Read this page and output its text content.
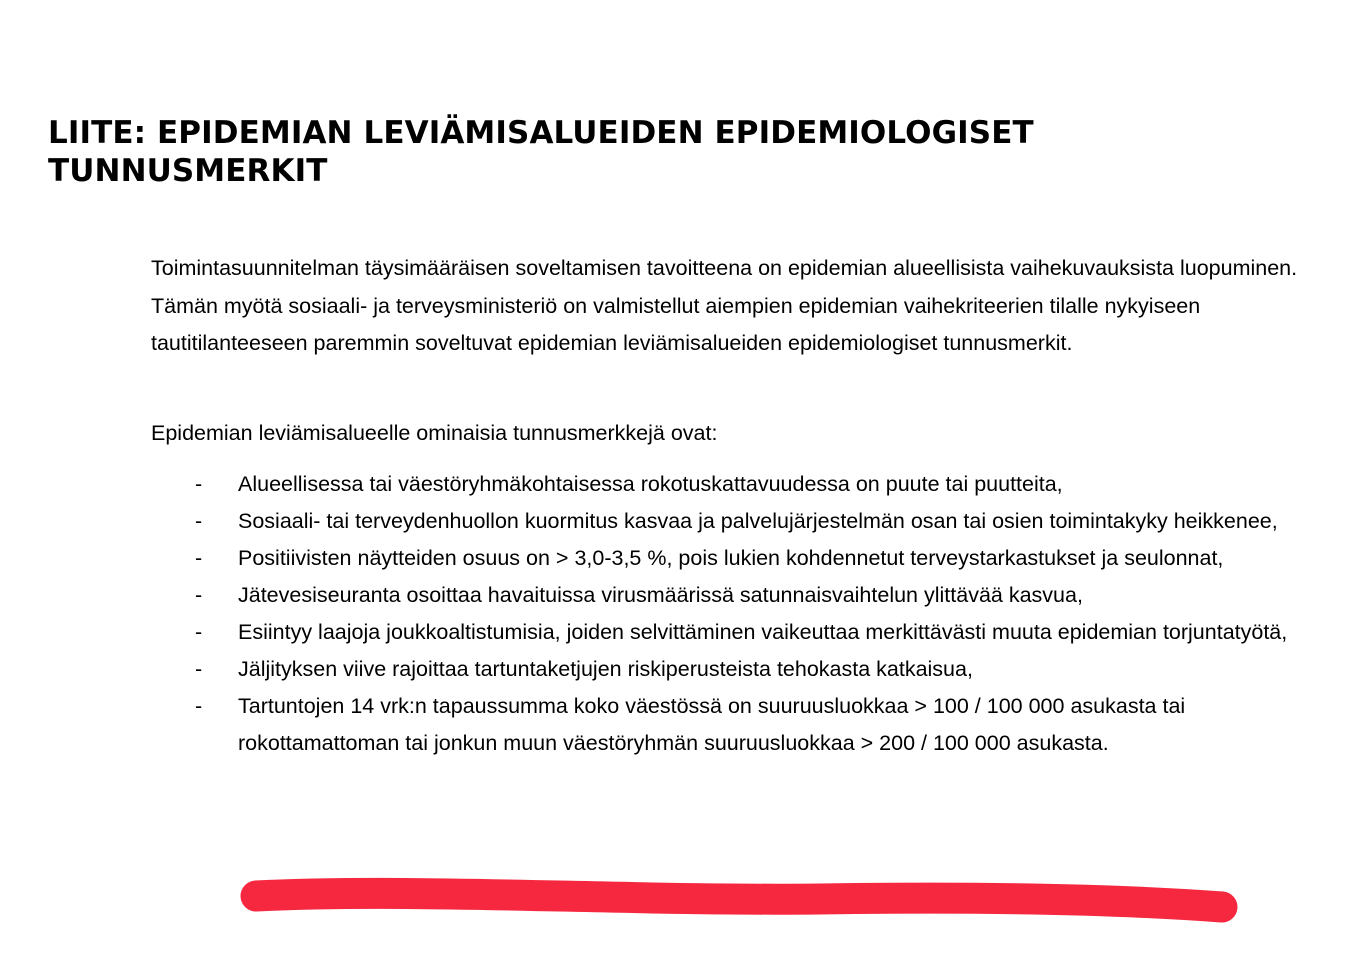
LIITE: EPIDEMIAN LEVIÄMISALUEIDEN EPIDEMIOLOGISET TUNNUSMERKIT

Toimintasuunnitelman täysimääräisen soveltamisen tavoitteena on epidemian alueellisista vaihekuvauksista luopuminen. Tämän myötä sosiaali- ja terveysministeriö on valmistellut aiempien epidemian vaihekriteerien tilalle nykyiseen tautitilanteeseen paremmin soveltuvat epidemian leviämisalueiden epidemiologiset tunnusmerkit.

Epidemian leviämisalueelle ominaisia tunnusmerkkejä ovat:

- Alueellisessa tai väestöryhmäkohtaisessa rokotuskattavuudessa on puute tai puutteita,
- Sosiaali- tai terveydenhuollon kuormitus kasvaa ja palvelujärjestelmän osan tai osien toimintakyky heikkenee,
- Positiivisten näytteiden osuus on > 3,0-3,5 %, pois lukien kohdennetut terveystarkastukset ja seulonnat,
- Jätevesiseuranta osoittaa havaituissa virusmäärissä satunnaisvaihtelun ylittävää kasvua,
- Esiintyy laajoja joukkoaltistumisia, joiden selvittäminen vaikeuttaa merkittävästi muuta epidemian torjuntatyötä,
- Jäljityksen viive rajoittaa tartuntaketjujen riskiperusteista tehokasta katkaisua,
- Tartuntojen 14 vrk:n tapaussumma koko väestössä on suuruusluokkaa > 100 / 100 000 asukasta tai rokottamattoman tai jonkun muun väestöryhmän suuruusluokkaa > 200 / 100 000 asukasta.
